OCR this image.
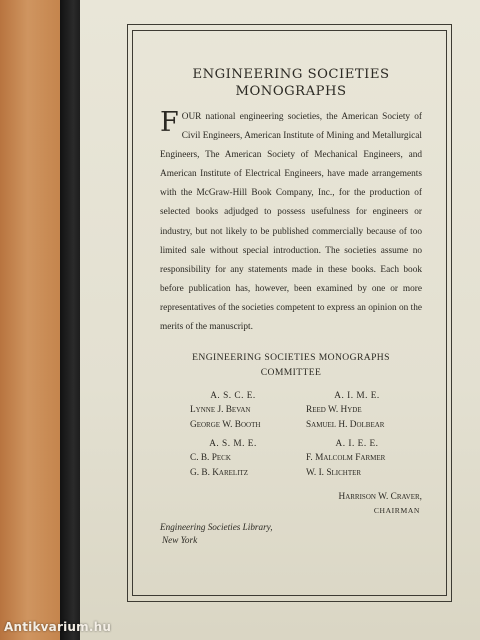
ENGINEERING SOCIETIES
MONOGRAPHS
FOUR national engineering societies, the American Society of Civil Engineers, American Institute of Mining and Metallurgical Engineers, The American Society of Mechanical Engineers, and American Institute of Electrical Engineers, have made arrangements with the McGraw-Hill Book Company, Inc., for the production of selected books adjudged to possess usefulness for engineers or industry, but not likely to be published commercially because of too limited sale without special introduction. The societies assume no responsibility for any statements made in these books. Each book before publication has, however, been examined by one or more representatives of the societies competent to express an opinion on the merits of the manuscript.
ENGINEERING SOCIETIES MONOGRAPHS
COMMITTEE
A. S. C. E.
Lynne J. Bevan
George W. Booth
A. I. M. E.
Reed W. Hyde
Samuel H. Dolbear
A. S. M. E.
C. B. Peck
G. B. Karelitz
A. I. E. E.
F. Malcolm Farmer
W. I. Slichter
Harrison W. Craver,
CHAIRMAN
Engineering Societies Library,
New York
Antikvarium.hu
